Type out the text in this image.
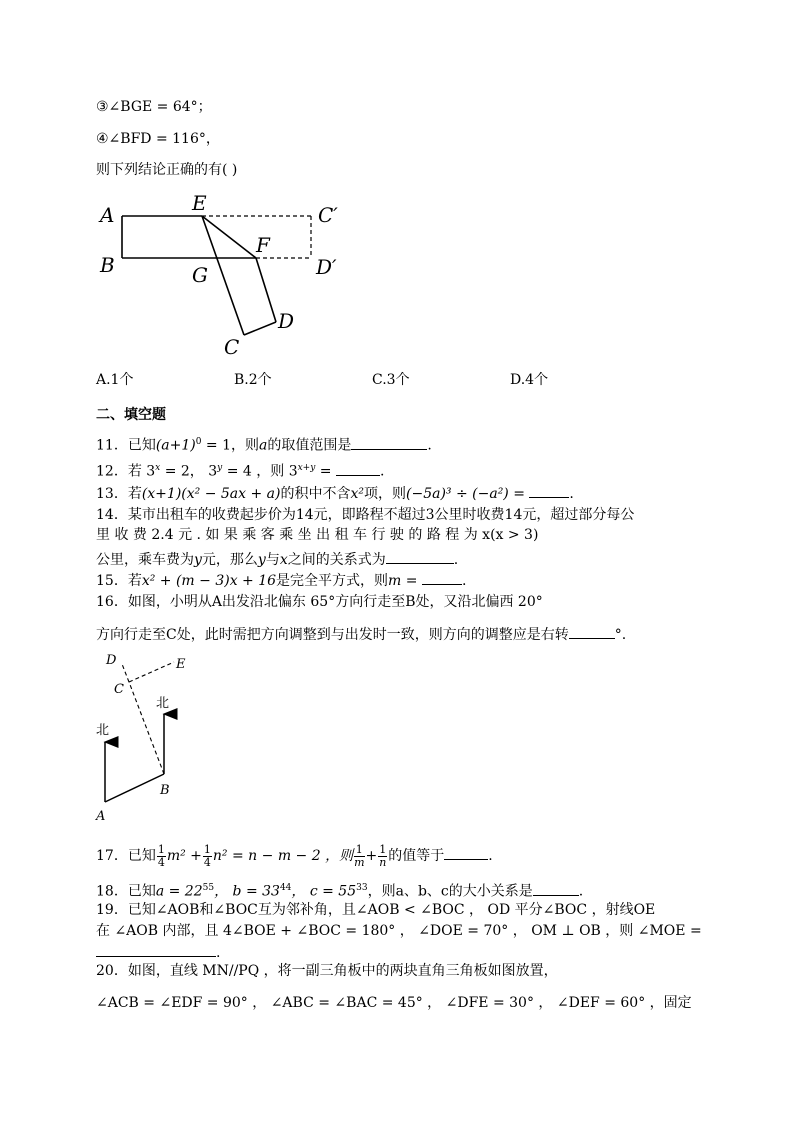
③∠BGE = 64°；
④∠BFD = 116°，
则下列结论正确的有( )
A	E	C′
F
B	G	D′
C
D
A.1个	B.2个	C.3个	D.4个
二、填空题
11．已知$(a+1)^0 = 1$，则a的取值范围是	.
12．若 $3^x = 2$， $3^y = 4$ ，则 $3^{x+y}$ =	.
13．若(x+1)(x² − 5ax + a)的积中不含x²项，则(−5a)³ ÷ (−a²) =	.
14．某市出租车的收费起步价为14元，即路程不超过3公里时收费14元，超过部分每公
里 收 费 2.4 元 . 如 果 乘 客 乘 坐 出 租 车 行 驶 的 路 程 为 x(x > 3)
公里，乘车费为y元，那么y与x之间的关系式为	.
15．若x² + (m − 3)x + 16是完全平方式，则m =	.
16．如图，小明从A出发沿北偏东 65°方向行走至B处，又沿北偏西 20°
方向行走至C处，此时需把方向调整到与出发时一致，则方向的调整应是右转	°.
D	E
C
B
A
北
北
17．已知 $\frac{1}{4} m^2 + \frac{1}{4} n^2 = n - m - 2$ ，则 $\frac{1}{m} + \frac{1}{n}$ 的值等于	.
18．已知$a = 22^{55}$， $b = 33^{44}$， $c = 55^{33}$，则a、b、c的大小关系是	.
19．已知∠AOB和∠BOC互为邻补角，且∠AOB < ∠BOC ， OD 平分∠BOC ，射线OE
在 ∠AOB 内部，且 4∠BOE + ∠BOC = 180° ， ∠DOE = 70° ， OM ⊥ OB ，则 ∠MOE =
.
20．如图，直线 MN//PQ ，将一副三角板中的两块直角三角板如图放置，
∠ACB = ∠EDF = 90° ， ∠ABC = ∠BAC = 45° ， ∠DFE = 30° ， ∠DEF = 60° ，固定
